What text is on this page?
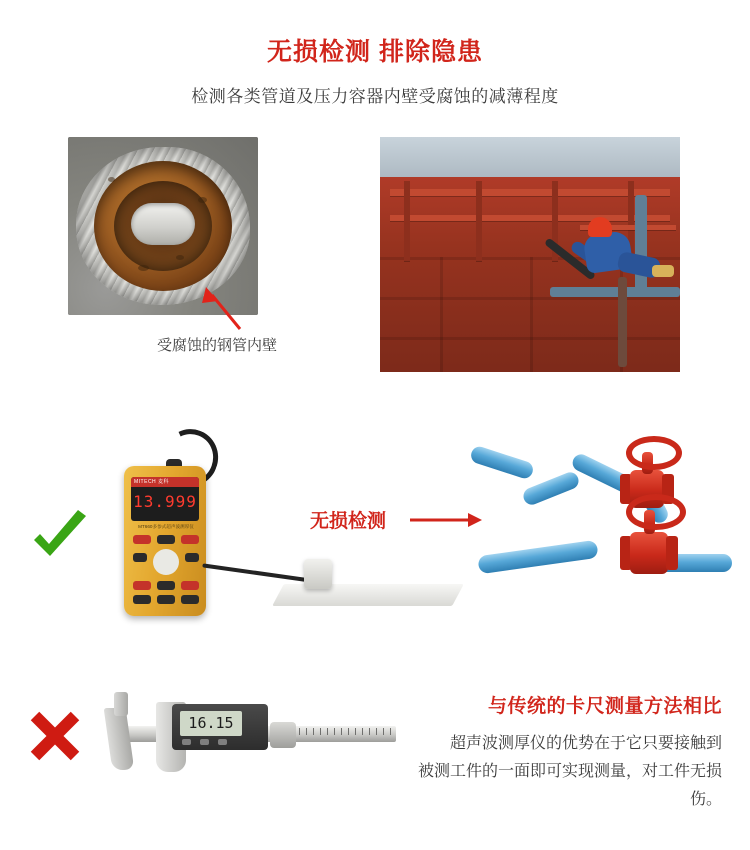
无损检测 排除隐患
检测各类管道及压力容器内壁受腐蚀的减薄程度
受腐蚀的钢管内壁
MITECH 麦科
13.999
MT660多参式超声波测厚仪	无损检测
16.15
与传统的卡尺测量方法相比
超声波测厚仪的优势在于它只要接触到
被测工件的一面即可实现测量，对工件无损伤。
